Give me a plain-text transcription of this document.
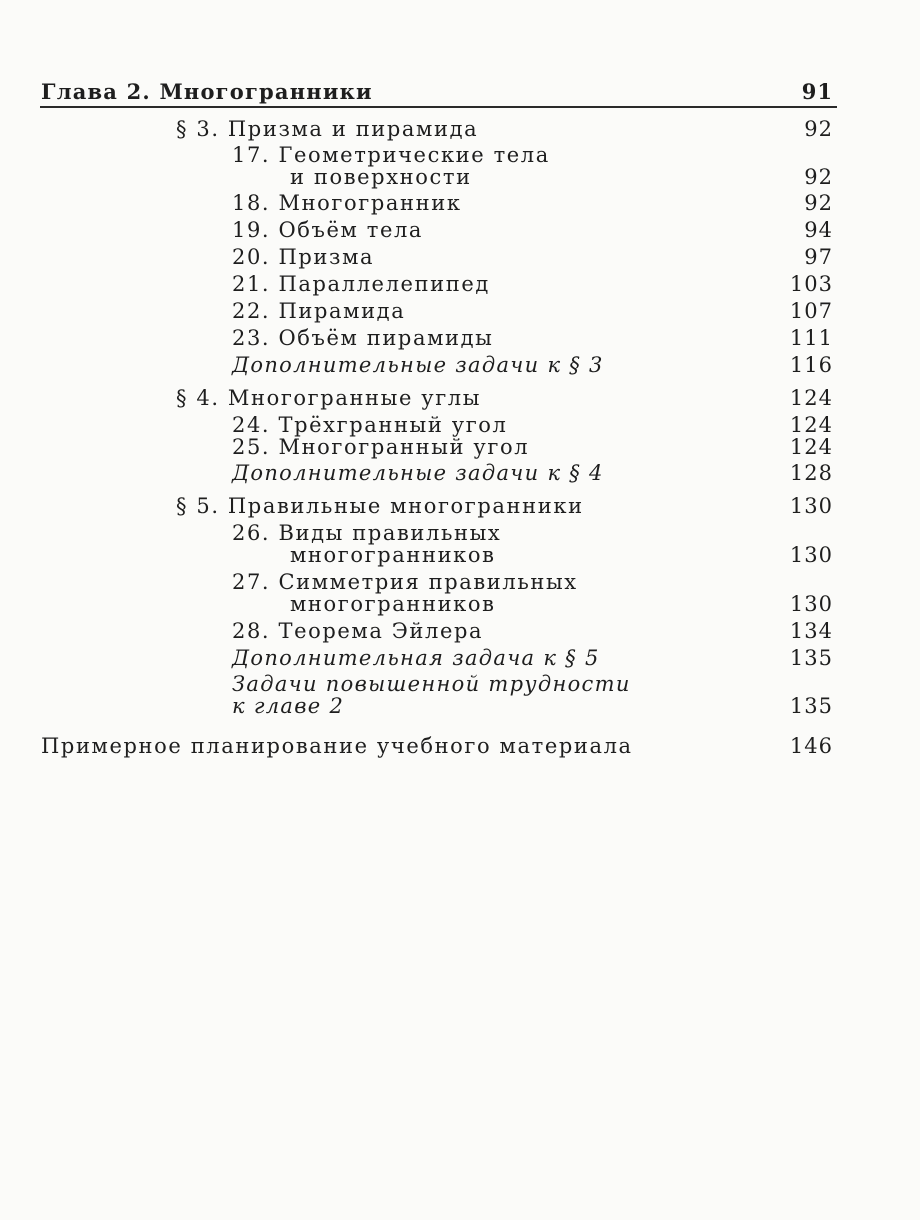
Глава 2. Многогранники	91
§ 3. Призма и пирамида	92
17. Геометрические тела
и поверхности	92
18. Многогранник	92
19. Объём тела	94
20. Призма	97
21. Параллелепипед	103
22. Пирамида	107
23. Объём пирамиды	111
Дополнительные задачи к § 3	116
§ 4. Многогранные углы	124
24. Трёхгранный угол	124
25. Многогранный угол	124
Дополнительные задачи к § 4	128
§ 5. Правильные многогранники	130
26. Виды правильных
многогранников	130
27. Симметрия правильных
многогранников	130
28. Теорема Эйлера	134
Дополнительная задача к § 5	135
Задачи повышенной трудности
к главе 2	135
Примерное планирование учебного материала	146
